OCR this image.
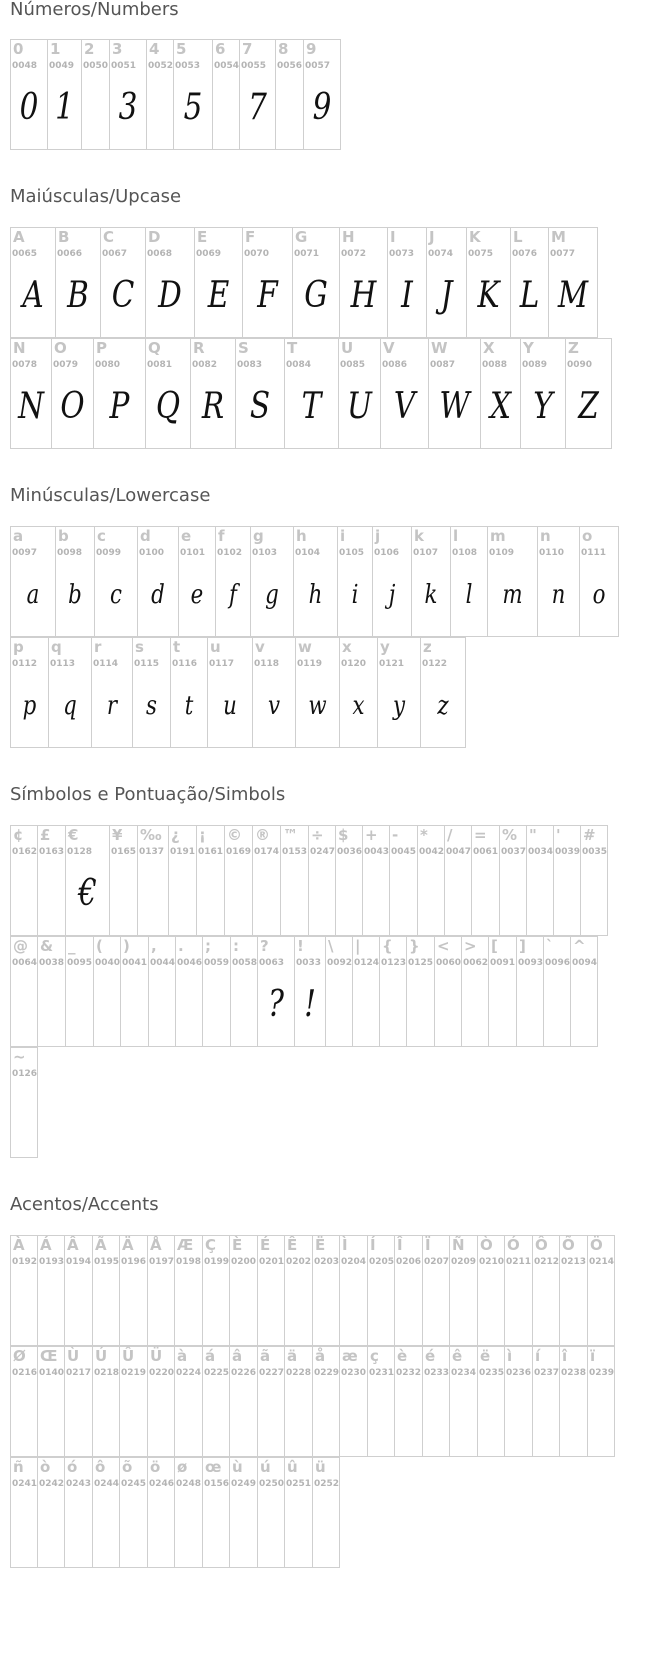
Números/Numbers
0
0048
0
1
0049
1
2
0050
3
0051
3
4
0052
5
0053
5
6
0054
7
0055
7
8
0056
9
0057
9
Maiúsculas/Upcase
A
0065
A
B
0066
B
C
0067
C
D
0068
D
E
0069
E
F
0070
F
G
0071
G
H
0072
H
I
0073
I
J
0074
J
K
0075
K
L
0076
L
M
0077
M
N
0078
N
O
0079
O
P
0080
P
Q
0081
Q
R
0082
R
S
0083
S
T
0084
T
U
0085
U
V
0086
V
W
0087
W
X
0088
X
Y
0089
Y
Z
0090
Z
Minúsculas/Lowercase
a
0097
a
b
0098
b
c
0099
c
d
0100
d
e
0101
e
f
0102
f
g
0103
g
h
0104
h
i
0105
i
j
0106
j
k
0107
k
l
0108
l
m
0109
m
n
0110
n
o
0111
o
p
0112
p
q
0113
q
r
0114
r
s
0115
s
t
0116
t
u
0117
u
v
0118
v
w
0119
w
x
0120
x
y
0121
y
z
0122
z
Símbolos e Pontuação/Simbols
¢
0162
£
0163
€
0128
€
¥
0165
‰
0137
¿
0191
¡
0161
©
0169
®
0174
™
0153
÷
0247
$
0036
+
0043
-
0045
*
0042
/
0047
=
0061
%
0037
"
0034
'
0039
#
0035
@
0064
&
0038
_
0095
(
0040
)
0041
,
0044
.
0046
;
0059
:
0058
?
0063
?
!
0033
!
\
0092
|
0124
{
0123
}
0125
<
0060
>
0062
[
0091
]
0093
`
0096
^
0094
~
0126
Acentos/Accents
À
0192
Á
0193
Â
0194
Ã
0195
Ä
0196
Å
0197
Æ
0198
Ç
0199
È
0200
É
0201
Ê
0202
Ë
0203
Ì
0204
Í
0205
Î
0206
Ï
0207
Ñ
0209
Ò
0210
Ó
0211
Ô
0212
Õ
0213
Ö
0214
Ø
0216
Œ
0140
Ù
0217
Ú
0218
Û
0219
Ü
0220
à
0224
á
0225
â
0226
ã
0227
ä
0228
å
0229
æ
0230
ç
0231
è
0232
é
0233
ê
0234
ë
0235
ì
0236
í
0237
î
0238
ï
0239
ñ
0241
ò
0242
ó
0243
ô
0244
õ
0245
ö
0246
ø
0248
œ
0156
ù
0249
ú
0250
û
0251
ü
0252
